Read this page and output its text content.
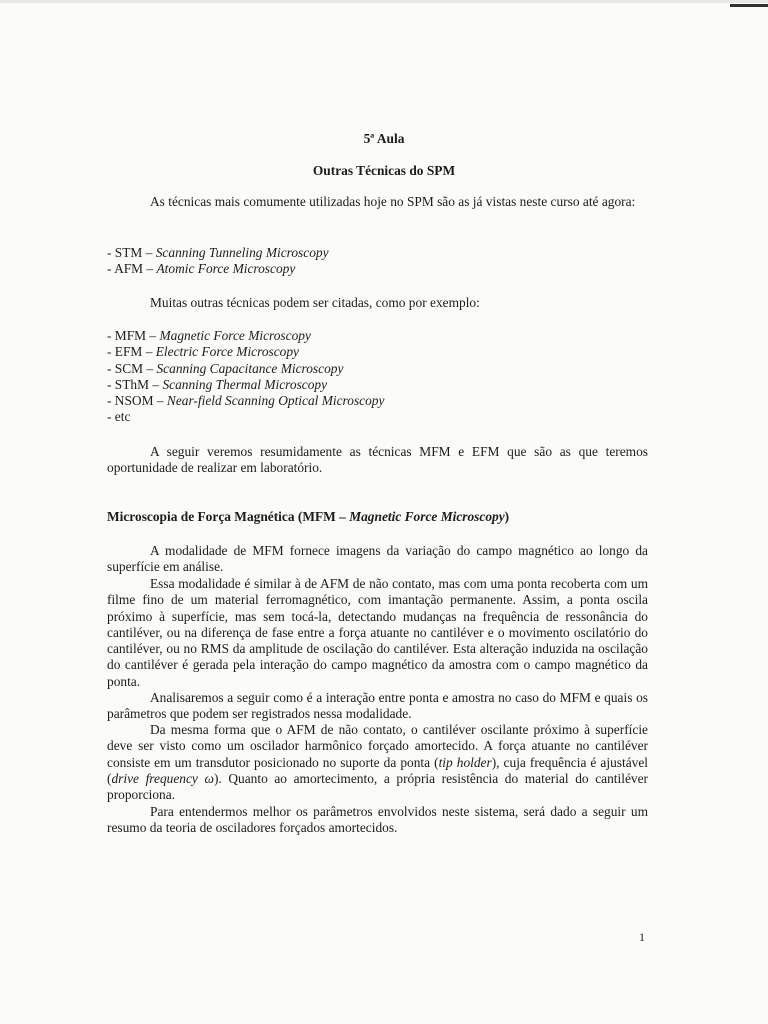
5ª Aula
Outras Técnicas do SPM
As técnicas mais comumente utilizadas hoje no SPM são as já vistas neste curso até agora:
- STM – Scanning Tunneling Microscopy
- AFM – Atomic Force Microscopy
Muitas outras técnicas podem ser citadas, como por exemplo:
- MFM – Magnetic Force Microscopy
- EFM – Electric Force Microscopy
- SCM – Scanning Capacitance Microscopy
- SThM – Scanning Thermal Microscopy
- NSOM – Near-field Scanning Optical Microscopy
- etc
A seguir veremos resumidamente as técnicas MFM e EFM que são as que teremos oportunidade de realizar em laboratório.
Microscopia de Força Magnética (MFM – Magnetic Force Microscopy)
A modalidade de MFM fornece imagens da variação do campo magnético ao longo da superfície em análise.
Essa modalidade é similar à de AFM de não contato, mas com uma ponta recoberta com um filme fino de um material ferromagnético, com imantação permanente. Assim, a ponta oscila próximo à superfície, mas sem tocá-la, detectando mudanças na frequência de ressonância do cantiléver, ou na diferença de fase entre a força atuante no cantiléver e o movimento oscilatório do cantiléver, ou no RMS da amplitude de oscilação do cantiléver. Esta alteração induzida na oscilação do cantiléver é gerada pela interação do campo magnético da amostra com o campo magnético da ponta.
Analisaremos a seguir como é a interação entre ponta e amostra no caso do MFM e quais os parâmetros que podem ser registrados nessa modalidade.
Da mesma forma que o AFM de não contato, o cantiléver oscilante próximo à superfície deve ser visto como um oscilador harmônico forçado amortecido. A força atuante no cantiléver consiste em um transdutor posicionado no suporte da ponta (tip holder), cuja frequência é ajustável (drive frequency ω). Quanto ao amortecimento, a própria resistência do material do cantiléver proporciona.
Para entendermos melhor os parâmetros envolvidos neste sistema, será dado a seguir um resumo da teoria de osciladores forçados amortecidos.
1
